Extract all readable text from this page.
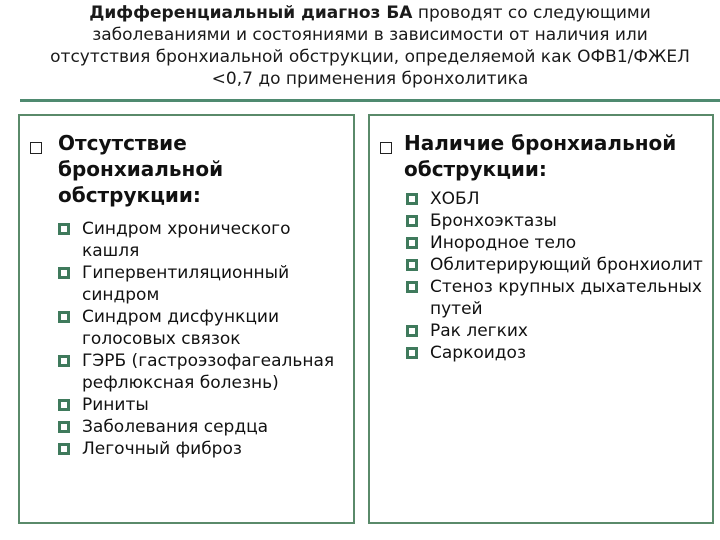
Дифференциальный диагноз БА проводят со следующими заболеваниями и состояниями в зависимости от наличия или отсутствия бронхиальной обструкции, определяемой как ОФВ1/ФЖЕЛ <0,7 до применения бронхолитика
Отсутствие бронхиальной обструкции:
Синдром хронического кашля
Гипервентиляционный синдром
Синдром дисфункции голосовых связок
ГЭРБ (гастроэзофагеальная рефлюксная болезнь)
Риниты
Заболевания сердца
Легочный фиброз
Наличие бронхиальной обструкции:
ХОБЛ
Бронхоэктазы
Инородное тело
Облитерирующий бронхиолит
Стеноз крупных дыхательных путей
Рак легких
Саркоидоз
